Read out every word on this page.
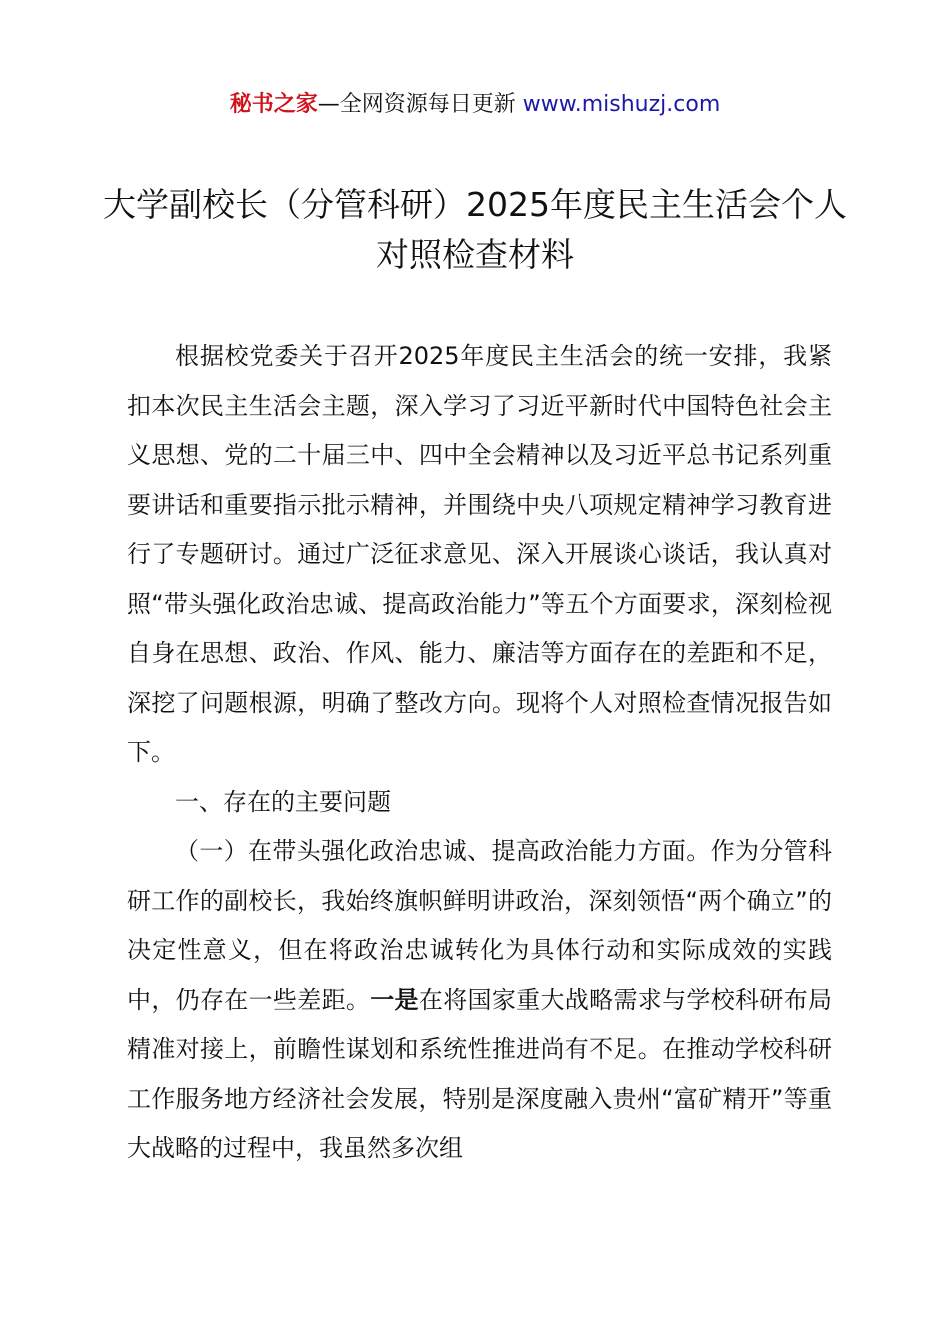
秘书之家—全网资源每日更新 www.mishuzj.com
大学副校长（分管科研）2025年度民主生活会个人对照检查材料

根据校党委关于召开2025年度民主生活会的统一安排，我紧扣本次民主生活会主题，深入学习了习近平新时代中国特色社会主义思想、党的二十届三中、四中全会精神以及习近平总书记系列重要讲话和重要指示批示精神，并围绕中央八项规定精神学习教育进行了专题研讨。通过广泛征求意见、深入开展谈心谈话，我认真对照“带头强化政治忠诚、提高政治能力”等五个方面要求，深刻检视自身在思想、政治、作风、能力、廉洁等方面存在的差距和不足，深挖了问题根源，明确了整改方向。现将个人对照检查情况报告如下。

一、存在的主要问题

（一）在带头强化政治忠诚、提高政治能力方面。作为分管科研工作的副校长，我始终旗帜鲜明讲政治，深刻领悟“两个确立”的决定性意义，但在将政治忠诚转化为具体行动和实际成效的实践中，仍存在一些差距。一是在将国家重大战略需求与学校科研布局精准对接上，前瞻性谋划和系统性推进尚有不足。在推动学校科研工作服务地方经济社会发展，特别是深度融入贵州“富矿精开”等重大战略的过程中，我虽然多次组
